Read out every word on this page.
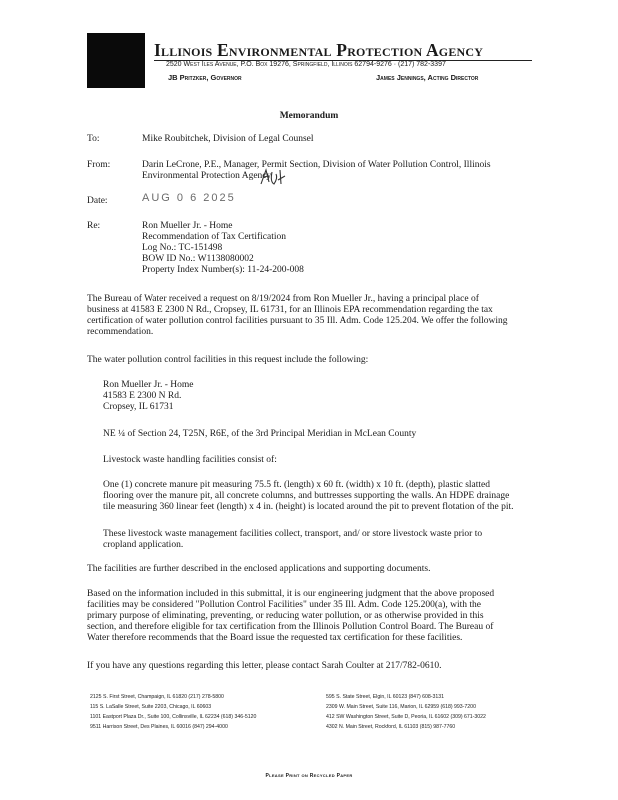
Illinois Environmental Protection Agency
2520 West Iles Avenue, P.O. Box 19276, Springfield, Illinois 62794-9276 · (217) 782-3397
JB Pritzker, Governor	James Jennings, Acting Director
Memorandum
To:	Mike Roubitchek, Division of Legal Counsel
From:	Darin LeCrone, P.E., Manager, Permit Section, Division of Water Pollution Control, Illinois
Environmental Protection Agency
Date:	AUG 0 6 2025
Re:	Ron Mueller Jr. - Home
Recommendation of Tax Certification
Log No.: TC-151498
BOW ID No.: W1138080002
Property Index Number(s): 11-24-200-008
The Bureau of Water received a request on 8/19/2024 from Ron Mueller Jr., having a principal place of
business at 41583 E 2300 N Rd., Cropsey, IL 61731, for an Illinois EPA recommendation regarding the tax
certification of water pollution control facilities pursuant to 35 Ill. Adm. Code 125.204. We offer the following
recommendation.
The water pollution control facilities in this request include the following:
Ron Mueller Jr. - Home
41583 E 2300 N Rd.
Cropsey, IL 61731
NE ¼ of Section 24, T25N, R6E, of the 3rd Principal Meridian in McLean County
Livestock waste handling facilities consist of:
One (1) concrete manure pit measuring 75.5 ft. (length) x 60 ft. (width) x 10 ft. (depth), plastic slatted
flooring over the manure pit, all concrete columns, and buttresses supporting the walls. An HDPE drainage
tile measuring 360 linear feet (length) x 4 in. (height) is located around the pit to prevent flotation of the pit.
These livestock waste management facilities collect, transport, and/ or store livestock waste prior to
cropland application.
The facilities are further described in the enclosed applications and supporting documents.
Based on the information included in this submittal, it is our engineering judgment that the above proposed
facilities may be considered "Pollution Control Facilities" under 35 Ill. Adm. Code 125.200(a), with the
primary purpose of eliminating, preventing, or reducing water pollution, or as otherwise provided in this
section, and therefore eligible for tax certification from the Illinois Pollution Control Board. The Bureau of
Water therefore recommends that the Board issue the requested tax certification for these facilities.
If you have any questions regarding this letter, please contact Sarah Coulter at 217/782-0610.
2125 S. First Street, Champaign, IL 61820 (217) 278-5800
115 S. LaSalle Street, Suite 2203, Chicago, IL 60603
1101 Eastport Plaza Dr., Suite 100, Collinsville, IL 62234 (618) 346-5120
9511 Harrison Street, Des Plaines, IL 60016 (847) 294-4000
595 S. State Street, Elgin, IL 60123 (847) 608-3131
2309 W. Main Street, Suite 116, Marion, IL 62959 (618) 993-7200
412 SW Washington Street, Suite D, Peoria, IL 61602 (309) 671-3022
4302 N. Main Street, Rockford, IL 61103 (815) 987-7760
Please Print on Recycled Paper
